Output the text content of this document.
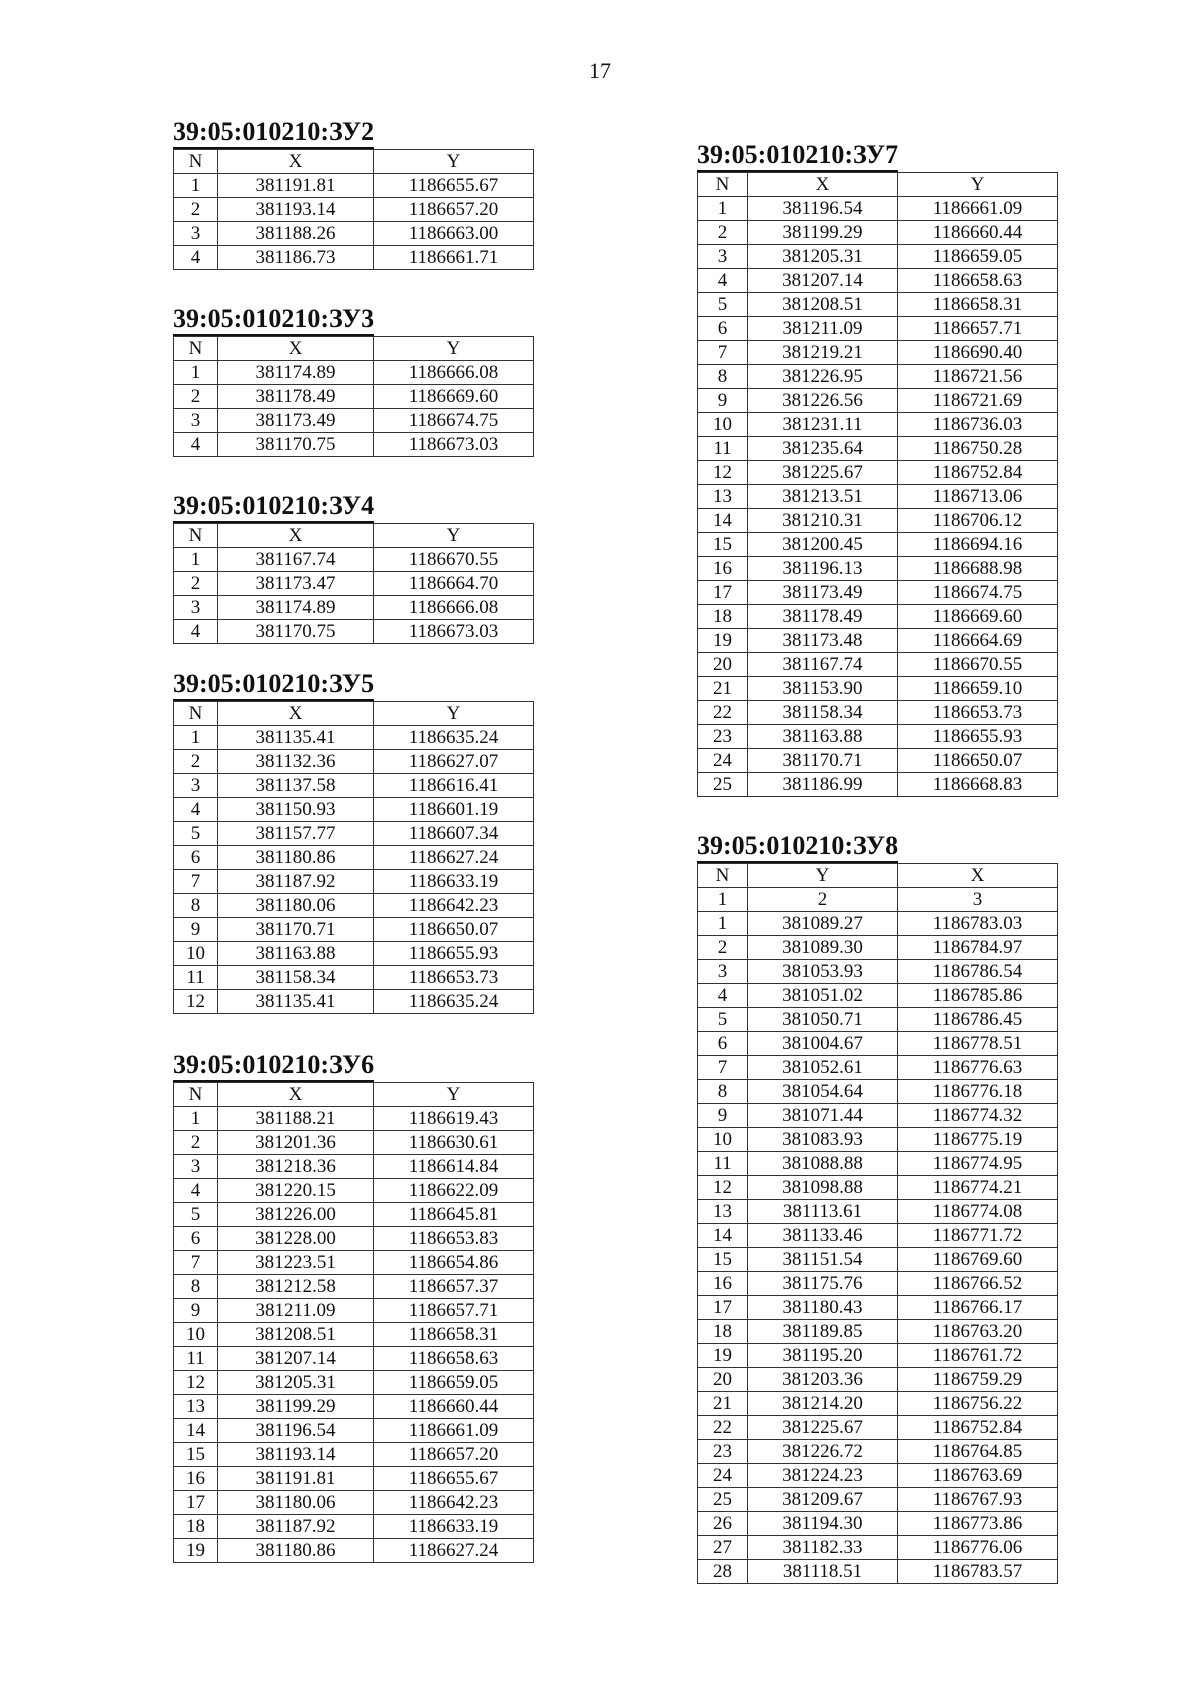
17
39:05:010210:ЗУ2
N	X	Y
1	381191.81	1186655.67
2	381193.14	1186657.20
3	381188.26	1186663.00
4	381186.73	1186661.71
39:05:010210:ЗУ3
N	X	Y
1	381174.89	1186666.08
2	381178.49	1186669.60
3	381173.49	1186674.75
4	381170.75	1186673.03
39:05:010210:ЗУ4
N	X	Y
1	381167.74	1186670.55
2	381173.47	1186664.70
3	381174.89	1186666.08
4	381170.75	1186673.03
39:05:010210:ЗУ5
N	X	Y
1	381135.41	1186635.24
2	381132.36	1186627.07
3	381137.58	1186616.41
4	381150.93	1186601.19
5	381157.77	1186607.34
6	381180.86	1186627.24
7	381187.92	1186633.19
8	381180.06	1186642.23
9	381170.71	1186650.07
10	381163.88	1186655.93
11	381158.34	1186653.73
12	381135.41	1186635.24
39:05:010210:ЗУ6
N	X	Y
1	381188.21	1186619.43
2	381201.36	1186630.61
3	381218.36	1186614.84
4	381220.15	1186622.09
5	381226.00	1186645.81
6	381228.00	1186653.83
7	381223.51	1186654.86
8	381212.58	1186657.37
9	381211.09	1186657.71
10	381208.51	1186658.31
11	381207.14	1186658.63
12	381205.31	1186659.05
13	381199.29	1186660.44
14	381196.54	1186661.09
15	381193.14	1186657.20
16	381191.81	1186655.67
17	381180.06	1186642.23
18	381187.92	1186633.19
19	381180.86	1186627.24
39:05:010210:ЗУ7
N	X	Y
1	381196.54	1186661.09
2	381199.29	1186660.44
3	381205.31	1186659.05
4	381207.14	1186658.63
5	381208.51	1186658.31
6	381211.09	1186657.71
7	381219.21	1186690.40
8	381226.95	1186721.56
9	381226.56	1186721.69
10	381231.11	1186736.03
11	381235.64	1186750.28
12	381225.67	1186752.84
13	381213.51	1186713.06
14	381210.31	1186706.12
15	381200.45	1186694.16
16	381196.13	1186688.98
17	381173.49	1186674.75
18	381178.49	1186669.60
19	381173.48	1186664.69
20	381167.74	1186670.55
21	381153.90	1186659.10
22	381158.34	1186653.73
23	381163.88	1186655.93
24	381170.71	1186650.07
25	381186.99	1186668.83
39:05:010210:ЗУ8
N	Y	X
1	2	3
1	381089.27	1186783.03
2	381089.30	1186784.97
3	381053.93	1186786.54
4	381051.02	1186785.86
5	381050.71	1186786.45
6	381004.67	1186778.51
7	381052.61	1186776.63
8	381054.64	1186776.18
9	381071.44	1186774.32
10	381083.93	1186775.19
11	381088.88	1186774.95
12	381098.88	1186774.21
13	381113.61	1186774.08
14	381133.46	1186771.72
15	381151.54	1186769.60
16	381175.76	1186766.52
17	381180.43	1186766.17
18	381189.85	1186763.20
19	381195.20	1186761.72
20	381203.36	1186759.29
21	381214.20	1186756.22
22	381225.67	1186752.84
23	381226.72	1186764.85
24	381224.23	1186763.69
25	381209.67	1186767.93
26	381194.30	1186773.86
27	381182.33	1186776.06
28	381118.51	1186783.57
